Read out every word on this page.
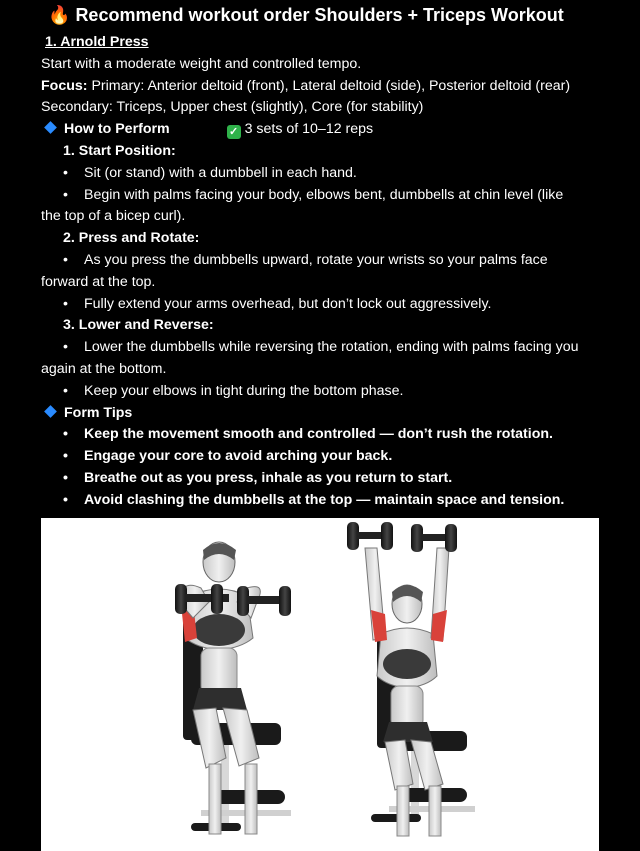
🔥 Recommend workout order Shoulders + Triceps Workout
1. Arnold Press
Start with a moderate weight and controlled tempo.
Focus: Primary: Anterior deltoid (front), Lateral deltoid (side), Posterior deltoid (rear)
Secondary: Triceps, Upper chest (slightly), Core (for stability)
How to Perform	✓ 3 sets of 10–12 reps
1. Start Position:
• Sit (or stand) with a dumbbell in each hand.
• Begin with palms facing your body, elbows bent, dumbbells at chin level (like
the top of a bicep curl).
2. Press and Rotate:
• As you press the dumbbells upward, rotate your wrists so your palms face
forward at the top.
• Fully extend your arms overhead, but don’t lock out aggressively.
3. Lower and Reverse:
• Lower the dumbbells while reversing the rotation, ending with palms facing you
again at the bottom.
• Keep your elbows in tight during the bottom phase.
Form Tips
• Keep the movement smooth and controlled — don’t rush the rotation.
• Engage your core to avoid arching your back.
• Breathe out as you press, inhale as you return to start.
• Avoid clashing the dumbbells at the top — maintain space and tension.
